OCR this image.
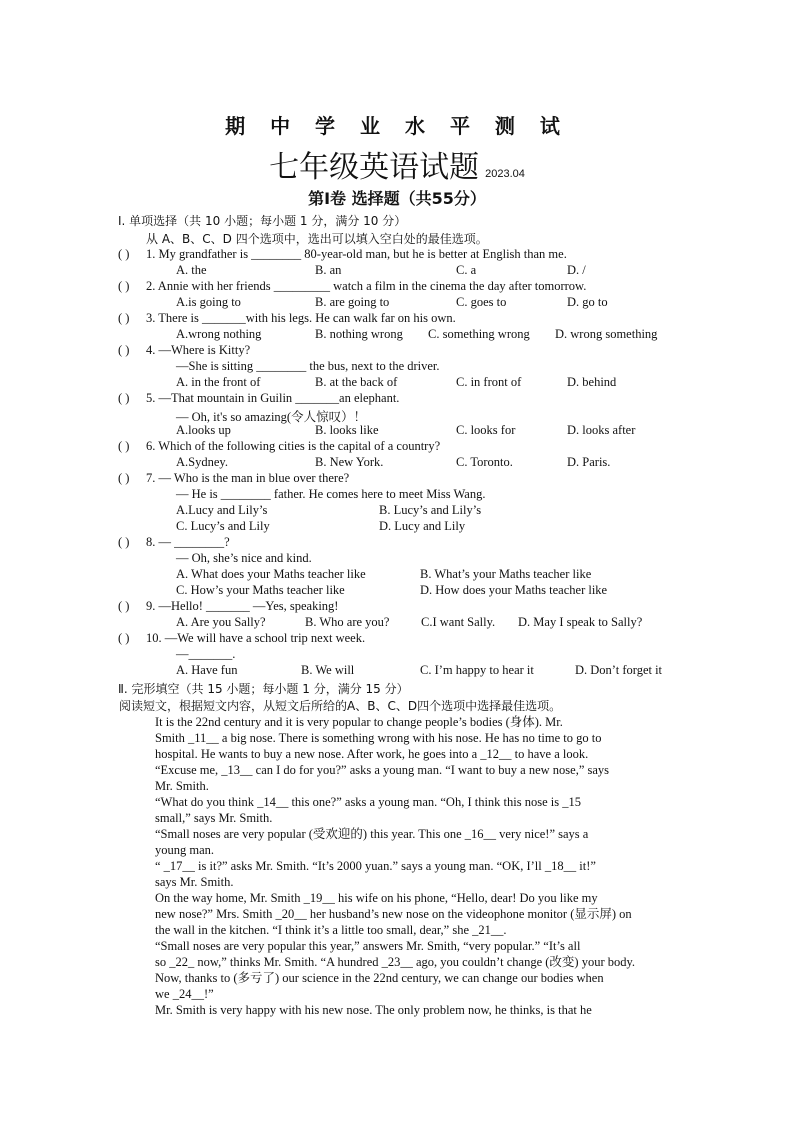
期 中 学 业 水 平 测 试
七年级英语试题 2023.04
第Ⅰ卷 选择题（共55分）
Ⅰ. 单项选择（共 10 小题；每小题 1 分，满分 10 分）
从 A、B、C、D 四个选项中，选出可以填入空白处的最佳选项。
( ) 1. My grandfather is ________ 80-year-old man, but he is better at English than me.
A. the	B. an	C. a	D. /
( ) 2. Annie with her friends _________ watch a film in the cinema the day after tomorrow.
A.is going to	B. are going to	C. goes to	D. go to
( ) 3. There is _______with his legs. He can walk far on his own.
A.wrong nothing	B. nothing wrong C. something wrong D. wrong something
( ) 4. —Where is Kitty?
—She is sitting ________ the bus, next to the driver.
A. in the front of	B. at the back of	C. in front of	D. behind
( ) 5. —That mountain in Guilin _______an elephant.
— Oh, it's so amazing(令人惊叹）！
A.looks up	B. looks like	C. looks for	D. looks after
( ) 6. Which of the following cities is the capital of a country?
A.Sydney.	B. New York.	C. Toronto.	D. Paris.
( ) 7. — Who is the man in blue over there?
— He is ________ father. He comes here to meet Miss Wang.
A.Lucy and Lily’s	B. Lucy’s and Lily’s
C. Lucy’s and Lily	D. Lucy and Lily
( ) 8. — ________?
— Oh, she’s nice and kind.
A. What does your Maths teacher like	B. What’s your Maths teacher like
C. How’s your Maths teacher like	D. How does your Maths teacher like
( ) 9. —Hello! _______ —Yes, speaking!
A. Are you Sally?	B. Who are you?	C.I want Sally. D. May I speak to Sally?
( ) 10. —We will have a school trip next week.
—_______.
A. Have fun	B. We will	C. I’m happy to hear it	D. Don’t forget it
Ⅱ. 完形填空（共 15 小题；每小题 1 分，满分 15 分）
阅读短文，根据短文内容，从短文后所给的A、B、C、D四个选项中选择最佳选项。
It is the 22nd century and it is very popular to change people’s bodies (身体). Mr.
Smith _11__ a big nose. There is something wrong with his nose. He has no time to go to
hospital. He wants to buy a new nose. After work, he goes into a _12__ to have a look.
“Excuse me, _13__ can I do for you?” asks a young man. “I want to buy a new nose,” says
Mr. Smith.
“What do you think _14__ this one?” asks a young man. “Oh, I think this nose is _15
small,” says Mr. Smith.
“Small noses are very popular (受欢迎的) this year. This one _16__ very nice!” says a
young man.
“ _17__ is it?” asks Mr. Smith. “It’s 2000 yuan.” says a young man. “OK, I’ll _18__ it!”
says Mr. Smith.
On the way home, Mr. Smith _19__ his wife on his phone, “Hello, dear! Do you like my
new nose?” Mrs. Smith _20__ her husband’s new nose on the videophone monitor (显示屏) on
the wall in the kitchen. “I think it’s a little too small, dear,” she _21__.
“Small noses are very popular this year,” answers Mr. Smith, “very popular.” “It’s all
so _22_ now,” thinks Mr. Smith. “A hundred _23__ ago, you couldn’t change (改变) your body.
Now, thanks to (多亏了) our science in the 22nd century, we can change our bodies when
we _24__!”
Mr. Smith is very happy with his new nose. The only problem now, he thinks, is that he
